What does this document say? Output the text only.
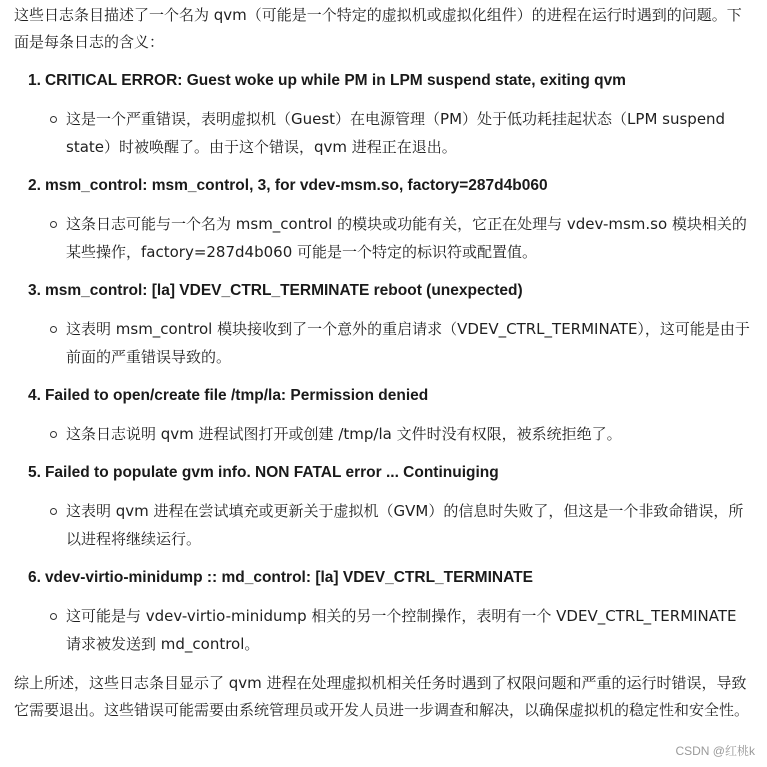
这些日志条目描述了一个名为 qvm（可能是一个特定的虚拟机或虚拟化组件）的进程在运行时遇到的问题。下面是每条日志的含义：

1. CRITICAL ERROR: Guest woke up while PM in LPM suspend state, exiting qvm
这是一个严重错误，表明虚拟机（Guest）在电源管理（PM）处于低功耗挂起状态（LPM suspend state）时被唤醒了。由于这个错误，qvm 进程正在退出。
2. msm_control: msm_control, 3, for vdev-msm.so, factory=287d4b060
这条日志可能与一个名为 msm_control 的模块或功能有关，它正在处理与 vdev-msm.so 模块相关的某些操作，factory=287d4b060 可能是一个特定的标识符或配置值。
3. msm_control: [la] VDEV_CTRL_TERMINATE reboot (unexpected)
这表明 msm_control 模块接收到了一个意外的重启请求（VDEV_CTRL_TERMINATE），这可能是由于前面的严重错误导致的。
4. Failed to open/create file /tmp/la: Permission denied
这条日志说明 qvm 进程试图打开或创建 /tmp/la 文件时没有权限，被系统拒绝了。
5. Failed to populate gvm info. NON FATAL error ... Continuiging
这表明 qvm 进程在尝试填充或更新关于虚拟机（GVM）的信息时失败了，但这是一个非致命错误，所以进程将继续运行。
6. vdev-virtio-minidump :: md_control: [la] VDEV_CTRL_TERMINATE
这可能是与 vdev-virtio-minidump 相关的另一个控制操作，表明有一个 VDEV_CTRL_TERMINATE 请求被发送到 md_control。

综上所述，这些日志条目显示了 qvm 进程在处理虚拟机相关任务时遇到了权限问题和严重的运行时错误，导致它需要退出。这些错误可能需要由系统管理员或开发人员进一步调查和解决，以确保虚拟机的稳定性和安全性。

CSDN @红桃k
